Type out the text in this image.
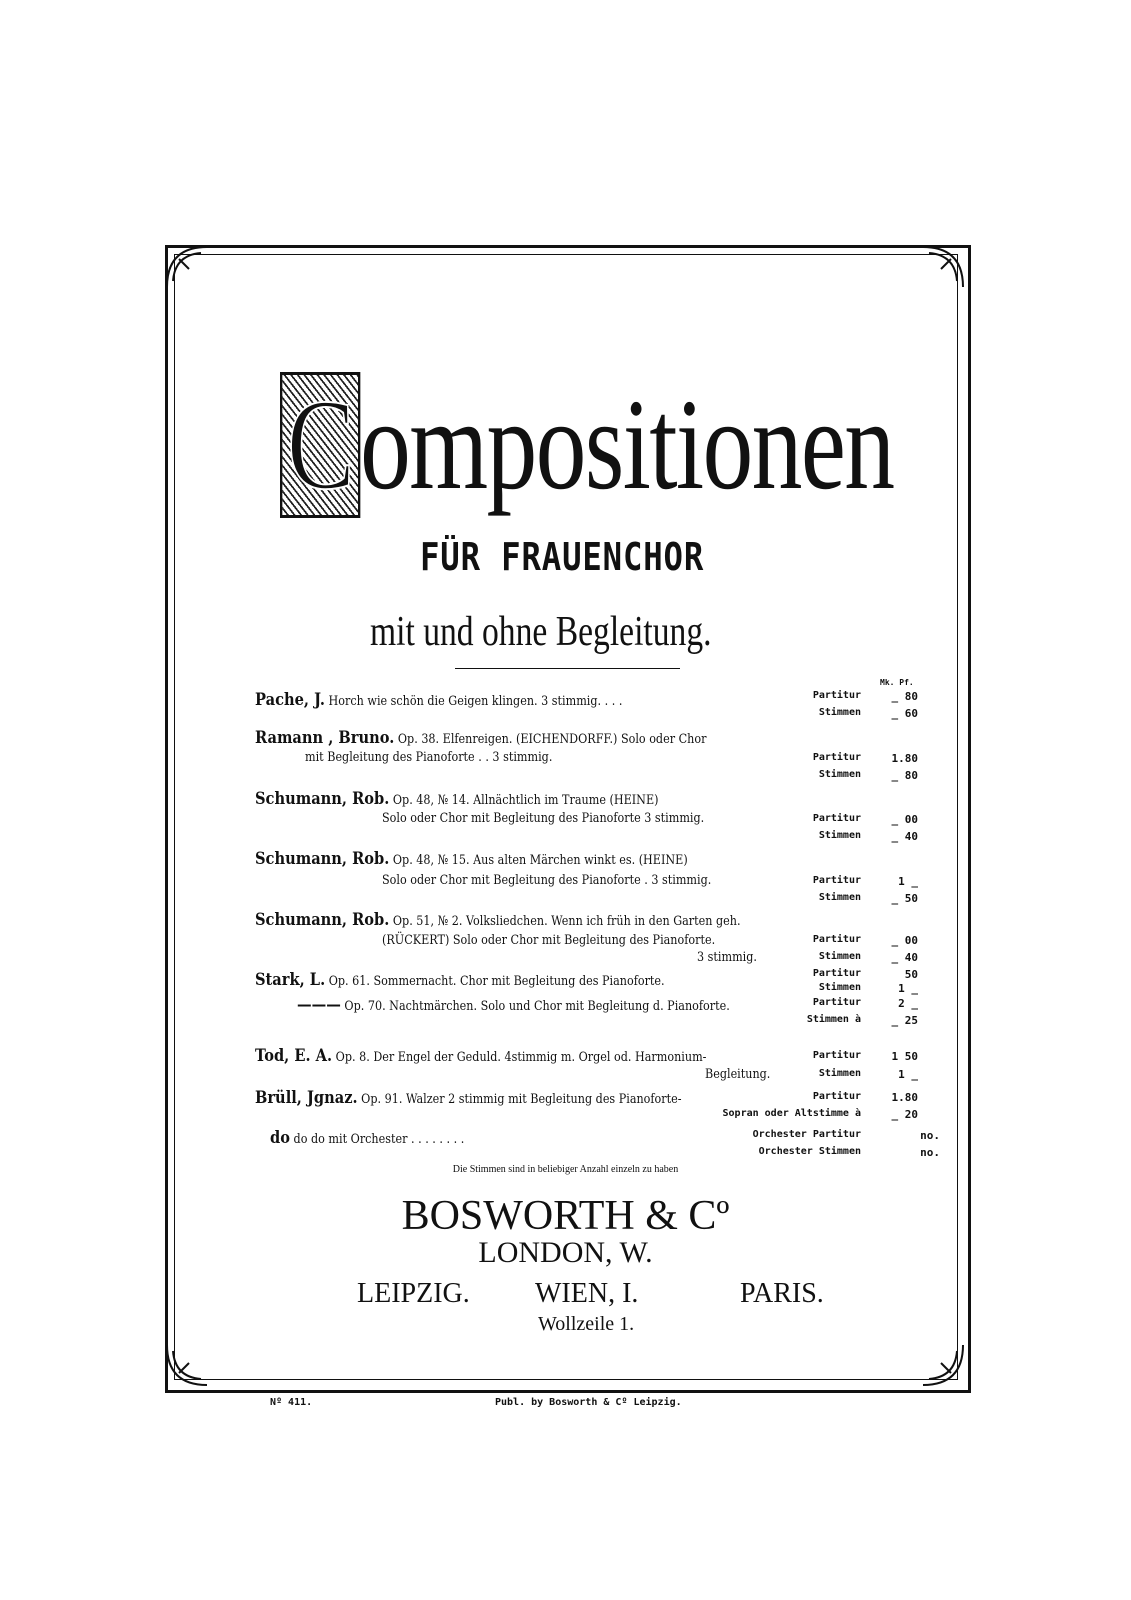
Compositionen
FÜR FRAUENCHOR
mit und ohne Begleitung.
Mk. Pf.
Pache, J. Horch wie schön die Geigen klingen. 3 stimmig. . . .	Partitur	_ 80
Stimmen	_ 60
Ramann , Bruno. Op. 38. Elfenreigen. (EICHENDORFF.) Solo oder Chor
mit Begleitung des Pianoforte . . 3 stimmig.	Partitur	1.80
Stimmen	_ 80
Schumann, Rob. Op. 48, № 14. Allnächtlich im Traume (HEINE)
Solo oder Chor mit Begleitung des Pianoforte 3 stimmig.	Partitur	_ 00
Stimmen	_ 40
Schumann, Rob. Op. 48, № 15. Aus alten Märchen winkt es. (HEINE)
Solo oder Chor mit Begleitung des Pianoforte . 3 stimmig.	Partitur	1 _
Stimmen	_ 50
Schumann, Rob. Op. 51, № 2. Volksliedchen. Wenn ich früh in den Garten geh.
(RÜCKERT) Solo oder Chor mit Begleitung des Pianoforte.
3 stimmig.
Partitur	_ 00
Stimmen	_ 40
Stark, L. Op. 61. Sommernacht. Chor mit Begleitung des Pianoforte.
Partitur	50
Stimmen	1 _
——— Op. 70. Nachtmärchen. Solo und Chor mit Begleitung d. Pianoforte.	Partitur	2 _
Stimmen à	_ 25
Tod, E. A. Op. 8. Der Engel der Geduld. 4stimmig m. Orgel od. Harmonium-
Begleitung.
Partitur	1 50
Stimmen	1 _
Brüll, Jgnaz. Op. 91. Walzer 2 stimmig mit Begleitung des Pianoforte-	Partitur	1.80
Sopran oder Altstimme à	_ 20
do do do mit Orchester . . . . . . . .	Orchester Partitur	no.
Orchester Stimmen	no.
Die Stimmen sind in beliebiger Anzahl einzeln zu haben
BOSWORTH & Cº
LONDON, W.
LEIPZIG. WIEN, I.	PARIS.
Wollzeile 1.
Nº 411.	Publ. by Bosworth & Cº Leipzig.
